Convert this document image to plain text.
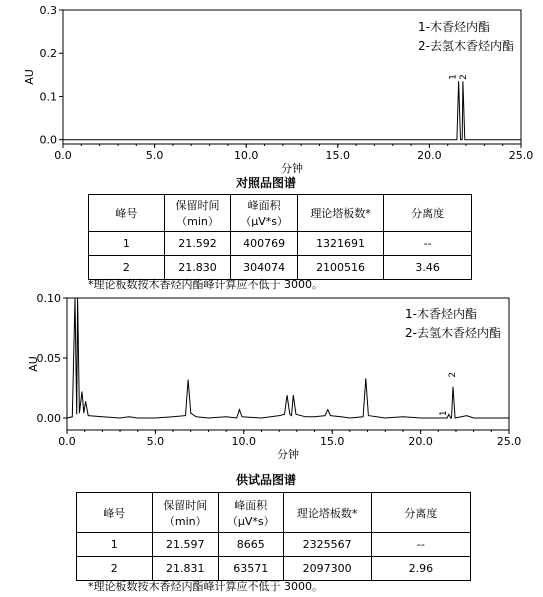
0.0	5.0	10.0	15.0	20.0	25.0
0.0
0.1
0.2
0.3
分钟
AU	1 2
1-木香烃内酯
2-去氢木香烃内酯
对照品图谱
峰号	保留时间（min）	峰面积（μV*s）	理论塔板数*	分离度
1	21.592	400769	1321691	--
2	21.830	304074	2100516	3.46
*理论板数按木香烃内酯峰计算应不低于 3000。
0.0	5.0	10.0	15.0	20.0	25.0
0.00
0.05
0.10
分钟
AU
1
2
1-木香烃内酯
2-去氢木香烃内酯
供试品图谱
峰号	保留时间（min）	峰面积（μV*s）	理论塔板数*	分离度
1	21.597	8665	2325567	--
2	21.831	63571	2097300	2.96
*理论板数按木香烃内酯峰计算应不低于 3000。
